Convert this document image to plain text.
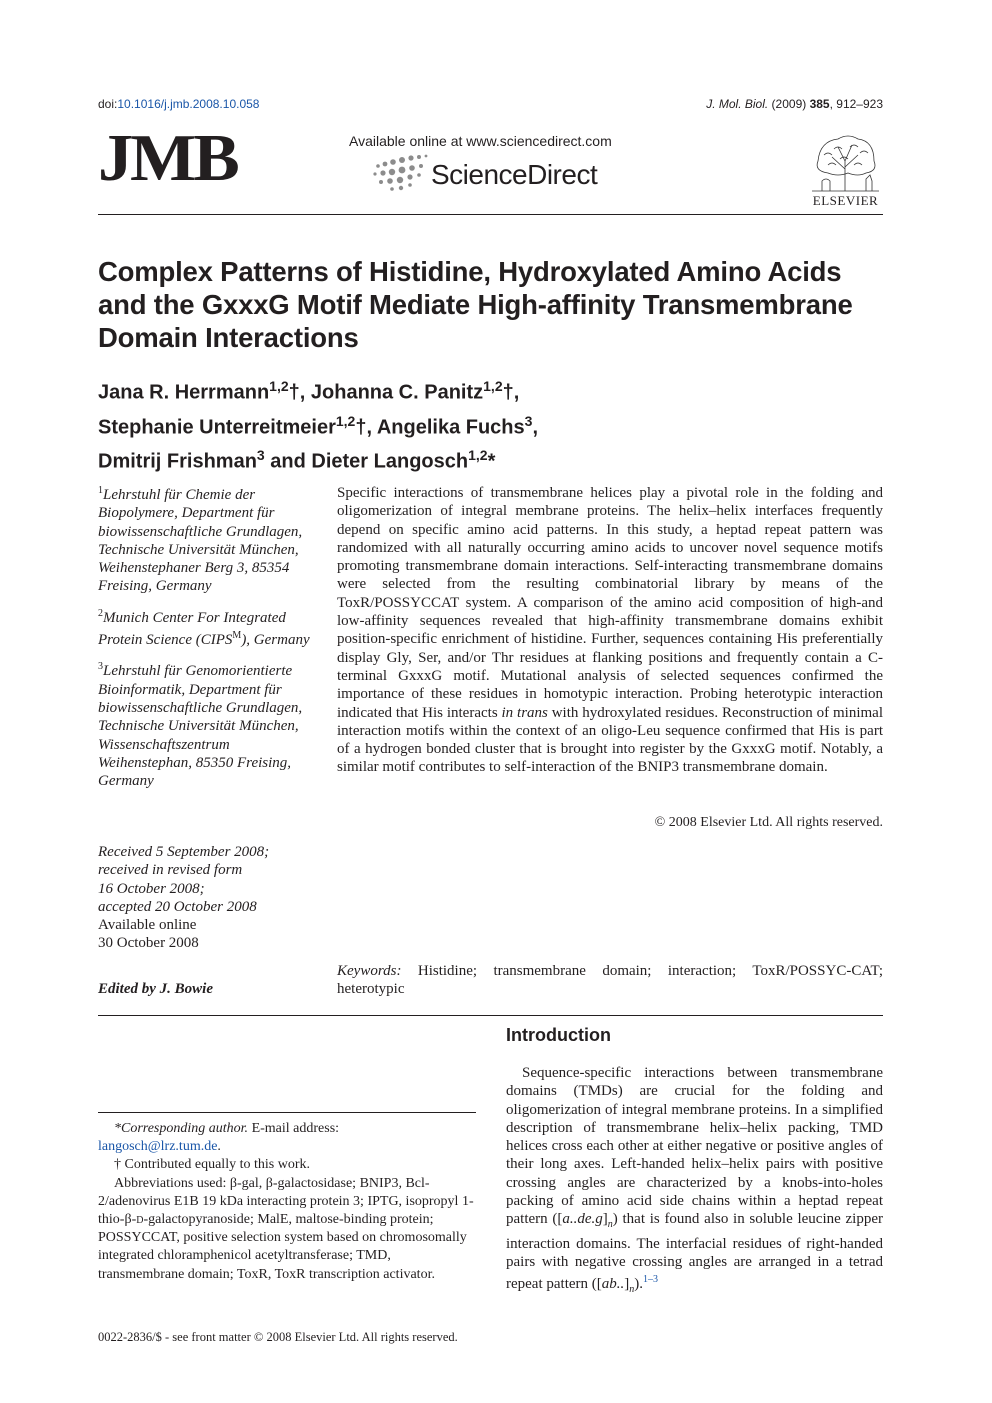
doi:10.1016/j.jmb.2008.10.058	J. Mol. Biol. (2009) 385, 912–923
JMB	Available online at www.sciencedirect.com
ScienceDirect
ELSEVIER
Complex Patterns of Histidine, Hydroxylated Amino Acids and the GxxxG Motif Mediate High-affinity Transmembrane Domain Interactions
Jana R. Herrmann$^{1,2}$†, Johanna C. Panitz$^{1,2}$†,
Stephanie Unterreitmeier$^{1,2}$†, Angelika Fuchs$^3$,
Dmitrij Frishman$^3$ and Dieter Langosch$^{1,2}$*

$^1$Lehrstuhl für Chemie der Biopolymere, Department für biowissenschaftliche Grundlagen, Technische Universität München, Weihenstephaner Berg 3, 85354 Freising, Germany

$^2$Munich Center For Integrated Protein Science $(CIPS^M)$, Germany

$^3$Lehrstuhl für Genomorientierte Bioinformatik, Department für biowissenschaftliche Grundlagen, Technische Universität München, Wissenschaftszentrum Weihenstephan, 85350 Freising, Germany

Received 5 September 2008;
received in revised form
16 October 2008;
accepted 20 October 2008
Available online
30 October 2008
Edited by J. Bowie
Specific interactions of transmembrane helices play a pivotal role in the folding and oligomerization of integral membrane proteins. The helix–helix interfaces frequently depend on specific amino acid patterns. In this study, a heptad repeat pattern was randomized with all naturally occurring amino acids to uncover novel sequence motifs promoting transmembrane domain interactions. Self-interacting transmembrane domains were selected from the resulting combinatorial library by means of the ToxR/POSSYCCAT system. A comparison of the amino acid composition of high-and low-affinity sequences revealed that high-affinity transmembrane domains exhibit position-specific enrichment of histidine. Further, sequences containing His preferentially display Gly, Ser, and/or Thr residues at flanking positions and frequently contain a C-terminal GxxxG motif. Mutational analysis of selected sequences confirmed the importance of these residues in homotypic interaction. Probing heterotypic interaction indicated that His interacts in trans with hydroxylated residues. Reconstruction of minimal interaction motifs within the context of an oligo-Leu sequence confirmed that His is part of a hydrogen bonded cluster that is brought into register by the GxxxG motif. Notably, a similar motif contributes to self-interaction of the BNIP3 transmembrane domain.
© 2008 Elsevier Ltd. All rights reserved.
Keywords: Histidine; transmembrane domain; interaction; ToxR/POSSYC-CAT; heterotypic
Introduction
Sequence-specific interactions between transmembrane domains (TMDs) are crucial for the folding and oligomerization of integral membrane proteins. In a simplified description of transmembrane helix–helix packing, TMD helices cross each other at either negative or positive angles of their long axes. Left-handed helix–helix pairs with positive crossing angles are characterized by a knobs-into-holes packing of amino acid side chains within a heptad repeat pattern $([a..de.g]_n)$ that is found also in soluble leucine zipper interaction domains. The interfacial residues of right-handed pairs with negative crossing angles are arranged in a tetrad repeat pattern $([ab..]_n).^{1-3}$

*Corresponding author. E-mail address:

langosch@lrz.tum.de.

† Contributed equally to this work.

Abbreviations used: β-gal, β-galactosidase; BNIP3, Bcl-2/adenovirus E1B 19 kDa interacting protein 3; IPTG, isopropyl 1-thio-β-d-galactopyranoside; MalE, maltose-binding protein; POSSYCCAT, positive selection system based on chromosomally integrated chloramphenicol acetyltransferase; TMD, transmembrane domain; ToxR, ToxR transcription activator.

0022-2836/$ - see front matter © 2008 Elsevier Ltd. All rights reserved.
